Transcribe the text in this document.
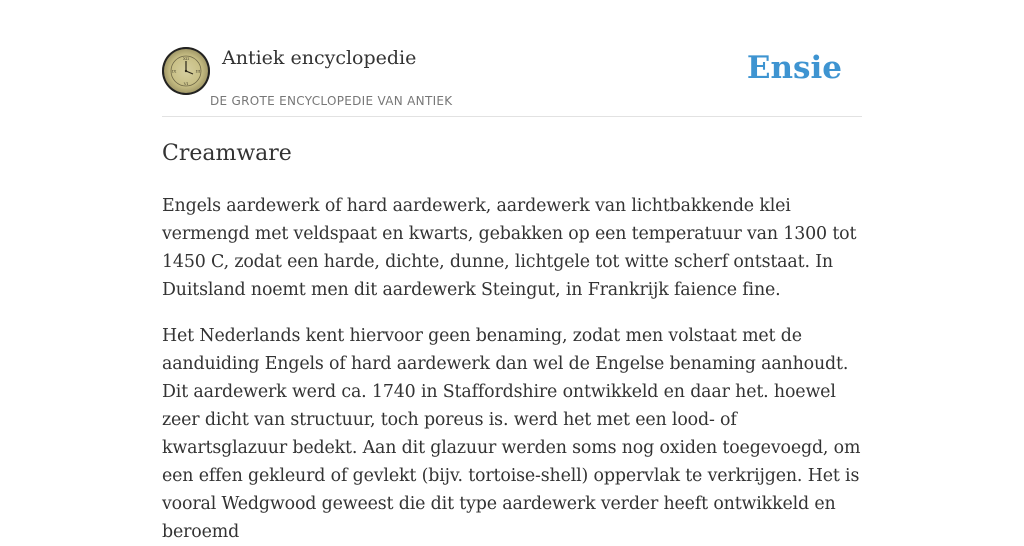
XII
III
VI
IX
Antiek encyclopedie
DE GROTE ENCYCLOPEDIE VAN ANTIEK
Ensie
Creamware

Engels aardewerk of hard aardewerk, aardewerk van lichtbakkende klei vermengd met veldspaat en kwarts, gebakken op een temperatuur van 1300 tot 1450 C, zodat een harde, dichte, dunne, lichtgele tot witte scherf ontstaat. In Duitsland noemt men dit aardewerk Steingut, in Frankrijk faience fine.

Het Nederlands kent hiervoor geen benaming, zodat men volstaat met de aanduiding Engels of hard aardewerk dan wel de Engelse benaming aanhoudt. Dit aardewerk werd ca. 1740 in Staffordshire ontwikkeld en daar het. hoewel zeer dicht van structuur, toch poreus is. werd het met een lood- of kwartsglazuur bedekt. Aan dit glazuur werden soms nog oxiden toegevoegd, om een effen gekleurd of gevlekt (bijv. tortoise-shell) oppervlak te verkrijgen. Het is vooral Wedgwood geweest die dit type aardewerk verder heeft ontwikkeld en beroemd
